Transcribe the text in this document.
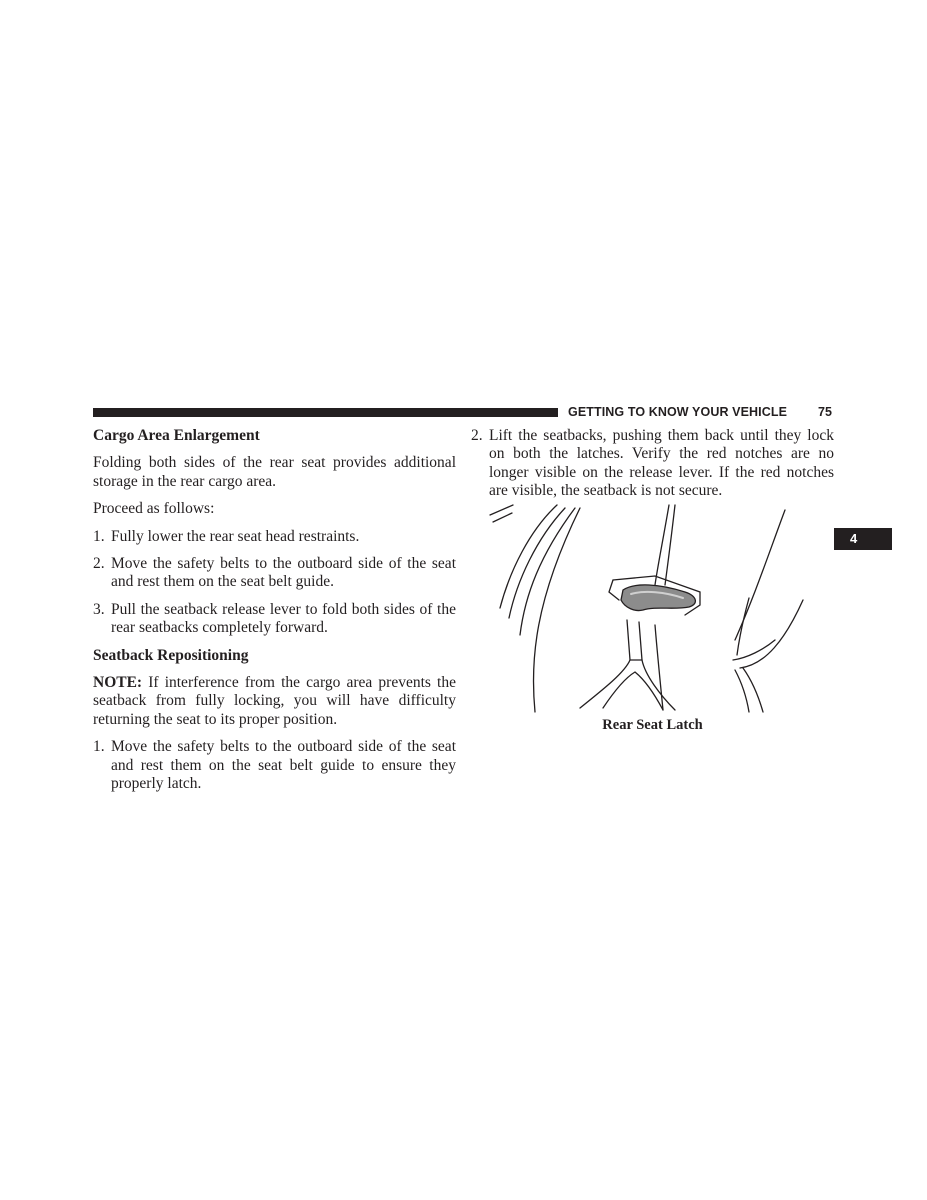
GETTING TO KNOW YOUR VEHICLE 75
4
Cargo Area Enlargement
Folding both sides of the rear seat provides additional storage in the rear cargo area.
Proceed as follows:
1. Fully lower the rear seat head restraints.
2. Move the safety belts to the outboard side of the seat and rest them on the seat belt guide.
3. Pull the seatback release lever to fold both sides of the rear seatbacks completely forward.
Seatback Repositioning
NOTE: If interference from the cargo area prevents the seatback from fully locking, you will have difficulty returning the seat to its proper position.
1. Move the safety belts to the outboard side of the seat and rest them on the seat belt guide to ensure they properly latch.
2. Lift the seatbacks, pushing them back until they lock on both the latches. Verify the red notches are no longer visible on the release lever. If the red notches are visible, the seatback is not secure.
Rear Seat Latch
